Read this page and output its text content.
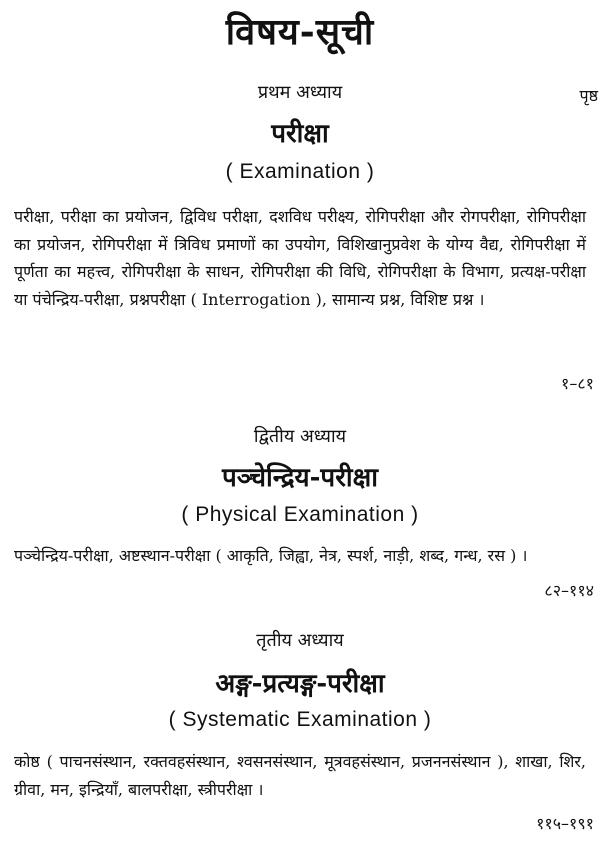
विषय-सूची
पृष्ठ
प्रथम अध्याय
परीक्षा
( Examination )
परीक्षा, परीक्षा का प्रयोजन, द्विविध परीक्षा, दशविध परीक्ष्य, रोगिपरीक्षा और रोगपरीक्षा, रोगिपरीक्षा का प्रयोजन, रोगिपरीक्षा में त्रिविध प्रमाणों का उपयोग, विशिखानुप्रवेश के योग्य वैद्य, रोगिपरीक्षा में पूर्णता का महत्त्व, रोगिपरीक्षा के साधन, रोगिपरीक्षा की विधि, रोगिपरीक्षा के विभाग, प्रत्यक्ष-परीक्षा या पंचेन्द्रिय-परीक्षा, प्रश्नपरीक्षा ( Interrogation ), सामान्य प्रश्न, विशिष्ट प्रश्न ।
१–८१
द्वितीय अध्याय
पञ्चेन्द्रिय-परीक्षा
( Physical Examination )
पञ्चेन्द्रिय-परीक्षा, अष्टस्थान-परीक्षा ( आकृति, जिह्वा, नेत्र, स्पर्श, नाड़ी, शब्द, गन्ध, रस ) ।
८२–११४
तृतीय अध्याय
अङ्ग-प्रत्यङ्ग-परीक्षा
( Systematic Examination )
कोष्ठ ( पाचनसंस्थान, रक्तवहसंस्थान, श्वसनसंस्थान, मूत्रवहसंस्थान, प्रजननसंस्थान ), शाखा, शिर, ग्रीवा, मन, इन्द्रियाँ, बालपरीक्षा, स्त्रीपरीक्षा ।
११५–१९१
